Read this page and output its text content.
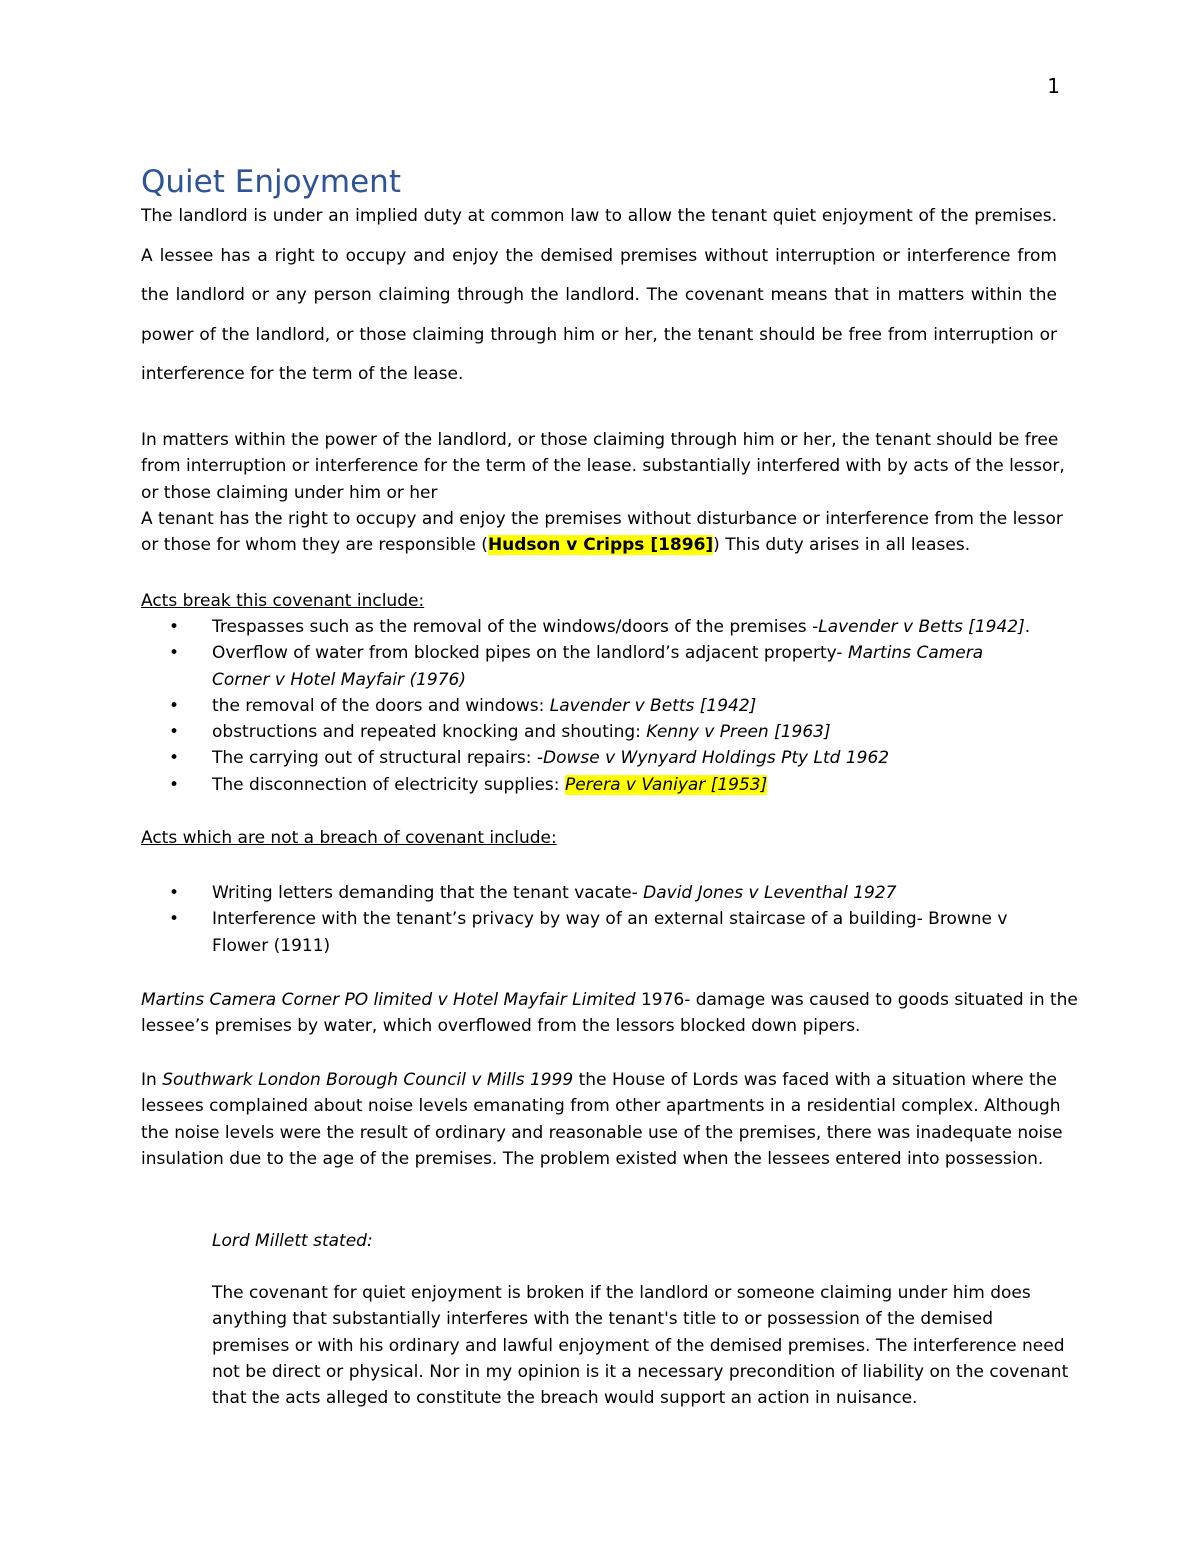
1
Quiet Enjoyment

The landlord is under an implied duty at common law to allow the tenant quiet enjoyment of the premises. A lessee has a right to occupy and enjoy the demised premises without interruption or interference from the landlord or any person claiming through the landlord. The covenant means that in matters within the power of the landlord, or those claiming through him or her, the tenant should be free from interruption or interference for the term of the lease.

In matters within the power of the landlord, or those claiming through him or her, the tenant should be free from interruption or interference for the term of the lease. substantially interfered with by acts of the lessor, or those claiming under him or her
A tenant has the right to occupy and enjoy the premises without disturbance or interference from the lessor or those for whom they are responsible (Hudson v Cripps [1896]) This duty arises in all leases.

Acts break this covenant include:

• Trespasses such as the removal of the windows/doors of the premises -Lavender v Betts [1942].
• Overflow of water from blocked pipes on the landlord’s adjacent property- Martins Camera Corner v Hotel Mayfair (1976)
• the removal of the doors and windows: Lavender v Betts [1942]
• obstructions and repeated knocking and shouting: Kenny v Preen [1963]
• The carrying out of structural repairs: -Dowse v Wynyard Holdings Pty Ltd 1962
• The disconnection of electricity supplies: Perera v Vaniyar [1953]

Acts which are not a breach of covenant include:

• Writing letters demanding that the tenant vacate- David Jones v Leventhal 1927
• Interference with the tenant’s privacy by way of an external staircase of a building- Browne v Flower (1911)

Martins Camera Corner PO limited v Hotel Mayfair Limited 1976- damage was caused to goods situated in the lessee’s premises by water, which overflowed from the lessors blocked down pipers.

In Southwark London Borough Council v Mills 1999 the House of Lords was faced with a situation where the lessees complained about noise levels emanating from other apartments in a residential complex. Although the noise levels were the result of ordinary and reasonable use of the premises, there was inadequate noise insulation due to the age of the premises. The problem existed when the lessees entered into possession.

Lord Millett stated:

The covenant for quiet enjoyment is broken if the landlord or someone claiming under him does anything that substantially interferes with the tenant's title to or possession of the demised premises or with his ordinary and lawful enjoyment of the demised premises. The interference need not be direct or physical. Nor in my opinion is it a necessary precondition of liability on the covenant that the acts alleged to constitute the breach would support an action in nuisance.
